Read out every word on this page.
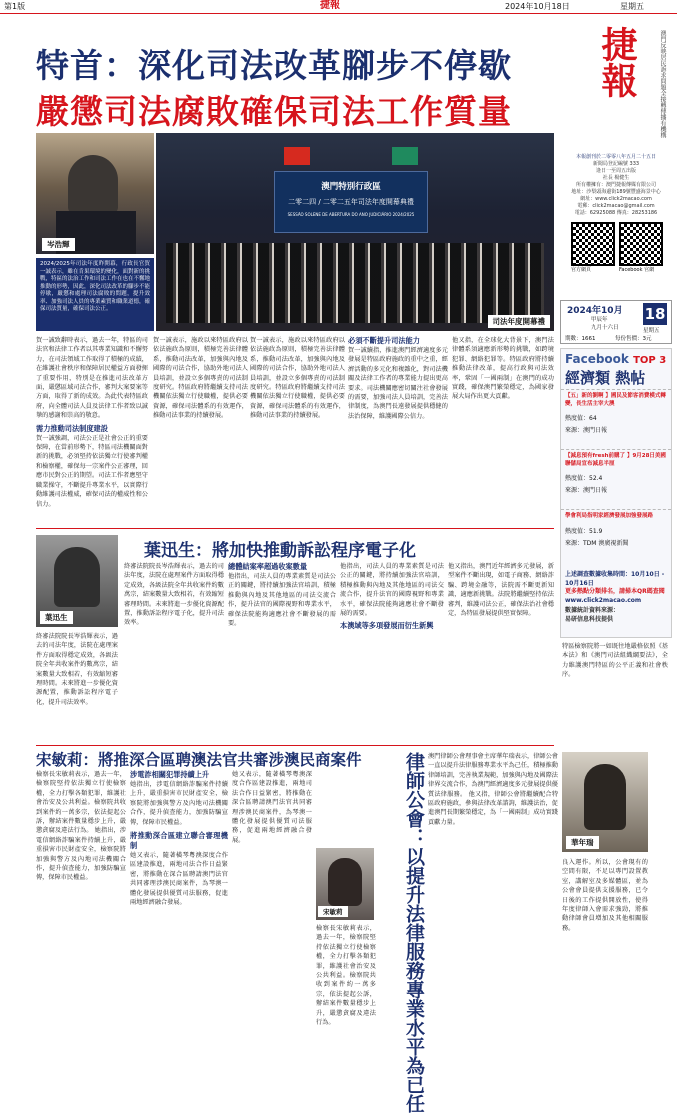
第1版	捷報	2024年10月18日	星期五
特首：深化司法改革腳步不停歇
嚴懲司法腐敗確保司法工作質量
岑浩輝
澳門特別行政區
二零二四 / 二零二五年司法年度開幕典禮
SESSÃO SOLENE DE ABERTURA DO ANO JUDICIÁRIO 2024/2025
司法年度開幕禮
2024/2025年司法年度昨開幕，行政長官賀一誠表示，雖在肯果環境的變化，面對新的挑戰，特區的法治工作和司法工作在也在不懈地推動的形勢，因此，深化司法改革的腳步不能停歇，嚴懲和處理司法腐敗的問題，提升效率、加強司法人員的專業素質和職業道德，確保司法質量，確保司法公正。
賀一誠致辭時表示，過去一年，特區的司法官和法律工作者以其專業知識和不懈努力，在司法領域工作取得了積極的成績，在維護社會秩序和保障居民權益方面發揮了重要作用，特別是在推進司法改革方面，嚴懲區域司法合作，審判大案要案等方面，取得了新的成效。為此代表特區政府，向全體司法人員及法律工作者致以誠摯的感謝和崇高的敬意。
需力推動司法制度建設
賀一誠強調，司法公正是社會公正的重要保障，在當前形勢下，特區司法機關面對新的挑戰，必須堅持依法獨立行使審判權和檢察權，確保每一宗案件公正審理，回應市民對公正的期望。司法工作者應堅守職業操守，不斷提升專業水平，以實際行動維護司法權威，確保司法的權威性和公信力。
賀一誠表示，施政以來特區政府以依法施政為原則，積極完善法律體系，推動司法改革，加強與內地及國際的司法合作，協助外地司法人員培訓，並設立多個專責的司法制度研究。特區政府將繼續支持司法機關依法獨立行使職權，提供必要資源，確保司法體系的有效運作，推動司法事業的持續發展。
賀一誠表示，施政以來特區政府以依法施政為原則，積極完善法律體系，推動司法改革，加強與內地及國際的司法合作，協助外地司法人員培訓，並設立多個專責的司法制度研究。特區政府將繼續支持司法機關依法獨立行使職權，提供必要資源，確保司法體系的有效運作，推動司法事業的持續發展。
必須不斷提升司法能力
賀一誠續指，推進澳門經濟適度多元發展是特區政府施政的重中之重，經濟活動的多元化和複雜化，對司法機關及法律工作者的專業能力提出更高要求。司法機關應密切關注社會發展的需要，加強司法人員培訓，完善法律制度，為澳門長遠發展提供穩健的法治保障，維護國際公信力。
他又指，在全球化大背景下，澳門法律體系須適應新形勢的挑戰，如跨境犯罪、網絡犯罪等。特區政府將持續推動法律改革，提高行政與司法效率，鞏固「一國兩制」在澳門的成功實踐，確保澳門繁榮穩定，為國家發展大局作出更大貢獻。
葉迅生
葉迅生：將加快推動訴訟程序電子化
終審法院院長岑浩輝表示，過去的司法年度，法院在處理案件方面取得穩定成效，各級法院全年共收案件約數萬宗，結案數量大致相若，有效縮短審理時間。未來將進一步優化資源配置，推動訴訟程序電子化，提升司法效率。
終審法院院長岑浩輝表示，過去的司法年度，法院在處理案件方面取得穩定成效，各級法院全年共收案件約數萬宗，結案數量大致相若，有效縮短審理時間。未來將進一步優化資源配置，推動訴訟程序電子化，提升司法效率。
總體結案率超過收案數量
他指出，司法人員的專業素質是司法公正的關鍵，將持續加強法官培訓，積極推動與內地及其他地區的司法交流合作，提升法官的國際視野和專業水平，確保法院能夠適應社會不斷發展的需要。
他指出，司法人員的專業素質是司法公正的關鍵，將持續加強法官培訓，積極推動與內地及其他地區的司法交流合作，提升法官的國際視野和專業水平，確保法院能夠適應社會不斷發展的需要。
本澳域等多項發展而衍生新興
他又指出，澳門近年經濟多元發展，新型案件不斷出現，如電子商務、網絡詐騙、跨境金融等，法院需不斷更新知識，適應新挑戰。法院將繼續堅持依法審判，維護司法公正，確保法治社會穩定，為特區發展提供堅實保障。
宋敏莉：將推深合區聘澳法官共審涉澳民商案件
檢察長宋敏莉表示，過去一年，檢察院堅持依法獨立行使檢察權，全力打擊各類犯罪，維護社會治安及公共利益。檢察院共收到案件約一萬多宗，依法提起公訴，辦結案件數量穩步上升，嚴懲貪腐及違法行為。 她指出，涉電信網絡詐騙案件持續上升，嚴重損害市民財產安全，檢察院將加強與警方及內地司法機關合作，提升偵查能力，加強防騙宣傳，保障市民權益。
涉電詐相關犯罪持續上升
她指出，涉電信網絡詐騙案件持續上升，嚴重損害市民財產安全，檢察院將加強與警方及內地司法機關合作，提升偵查能力，加強防騙宣傳，保障市民權益。
將推動深合區建立聯合審理機制
她又表示，隨著橫琴粵澳深度合作區建設推進，兩地司法合作日益緊密，將推動在深合區聘請澳門法官共同審理涉澳民商案件，為琴澳一體化發展提供優質司法服務，促進兩地經濟融合發展。
她又表示，隨著橫琴粵澳深度合作區建設推進，兩地司法合作日益緊密，將推動在深合區聘請澳門法官共同審理涉澳民商案件，為琴澳一體化發展提供優質司法服務，促進兩地經濟融合發展。
宋敏莉
檢察長宋敏莉表示，過去一年，檢察院堅持依法獨立行使檢察權，全力打擊各類犯罪，維護社會治安及公共利益。檢察院共收到案件約一萬多宗，依法提起公訴，辦結案件數量穩步上升，嚴懲貪腐及違法行為。	律師公會：以提升法律服務專業水平為已任 澳門律師公會理事會主席華年瑞表示，律師公會一直以提升法律服務專業水平為己任，積極推動律師培訓，完善執業規範，加強與內地及國際法律界交流合作，為澳門經濟適度多元發展提供優質法律服務。 他又指，律師公會將繼續配合特區政府施政，參與法律改革諮詢，維護法治，促進澳門長期繁榮穩定，為「一國兩制」成功實踐貢獻力量。
華年瑞
良入運作。所以，公會現有的空間有限，不足以專門設置教室，講解室及多媒體區，並為公會會員提供支援服務，已令日後的工作提供開放性，使得年度律師入會需求強勁，將推動律師會員增加及其他相關服務。
捷報	澳門反映居民訴求問題全接轉傳播有機構
本報創刊於二零零八年五月二十五日
新聞局登記編號 333
逢日一至周五出版
社長 楊健生
所有權擁有：澳門捷報傳媒有限公司
地址：沙梨頭海邊街189號豐盛海景中心
網址：www.click2macao.com
電郵：click2macao@gmail.com
電話：62925088 傳真：28253186
官方網頁	Facebook 官網
2024年10月 18
星期五
甲辰年
九月十六日
期數：1661	每份售價：3元
Facebook TOP 3
經濟類 熱帖
【五」新的劉啊 】國民及節客消費模式轉變，長生活主宰大澳
熱度值：64
來源：澳門日報
【減息預有fresh前購了 】9月28日美國聯儲局宣布減息半厘
熱度值：52.4
來源：澳門日報
學會利局指明家經濟發展加強發展路
熱度值：51.9
來源：TDM 澳廣視新聞
上述調查數據收集時間：10月10日 - 10月16日
更多熱點分類排名，請掃本QR碼查閱
www.click2macao.com
數據統計資料來源：
易研信息科技提供
特區檢察院將一如既往地嚴格依照《基本法》和《澳門司法組織綱要法》，全力維護澳門特區的公平正義和社會秩序。
